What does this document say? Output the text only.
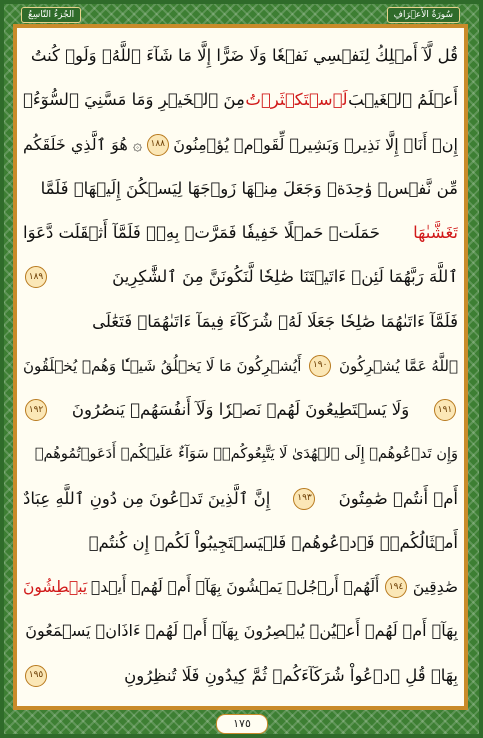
الجُزءُ التّاسِعُ	سُورَةُ الأَعۡرَافِ
قُل لَّآ أَمۡلِكُ لِنَفۡسِي نَفۡعٗا وَلَا ضَرًّا إِلَّا مَا شَآءَ ٱللَّهُۚ وَلَوۡ كُنتُ
أَعۡلَمُ ٱلۡغَيۡبَ
لَٱسۡتَكۡثَرۡتُ
مِنَ ٱلۡخَيۡرِ وَمَا مَسَّنِيَ ٱلسُّوٓءُۚ
إِنۡ أَنَا۠ إِلَّا نَذِيرٞ وَبَشِيرٞ لِّقَوۡمٖ يُؤۡمِنُونَ
١٨٨
۞ هُوَ ٱلَّذِي خَلَقَكُم
مِّن نَّفۡسٖ وَٰحِدَةٖ وَجَعَلَ مِنۡهَا زَوۡجَهَا لِيَسۡكُنَ إِلَيۡهَاۖ فَلَمَّا
تَغَشَّىٰهَا
حَمَلَتۡ حَمۡلًا خَفِيفٗا فَمَرَّتۡ بِهِۦۖ فَلَمَّآ أَثۡقَلَت دَّعَوَا
ٱللَّهَ رَبَّهُمَا لَئِنۡ ءَاتَيۡتَنَا صَٰلِحٗا لَّنَكُونَنَّ مِنَ ٱلشَّٰكِرِينَ
١٨٩
فَلَمَّآ ءَاتَىٰهُمَا صَٰلِحٗا جَعَلَا لَهُۥ شُرَكَآءَ فِيمَآ ءَاتَىٰهُمَاۚ فَتَعَٰلَى
ٱللَّهُ عَمَّا يُشۡرِكُونَ
١٩٠
أَيُشۡرِكُونَ مَا لَا يَخۡلُقُ شَيۡـٔٗا وَهُمۡ يُخۡلَقُونَ
١٩١
وَلَا يَسۡتَطِيعُونَ لَهُمۡ نَصۡرٗا وَلَآ أَنفُسَهُمۡ يَنصُرُونَ
١٩٢
وَإِن تَدۡعُوهُمۡ إِلَى ٱلۡهُدَىٰ لَا يَتَّبِعُوكُمۡۚ سَوَآءٌ عَلَيۡكُمۡ أَدَعَوۡتُمُوهُمۡ
أَمۡ أَنتُمۡ صَٰمِتُونَ
١٩٣
إِنَّ ٱلَّذِينَ تَدۡعُونَ مِن دُونِ ٱللَّهِ عِبَادٌ
أَمۡثَالُكُمۡۖ فَٱدۡعُوهُمۡ فَلۡيَسۡتَجِيبُواْ لَكُمۡ إِن كُنتُمۡ
صَٰدِقِينَ
١٩٤
أَلَهُمۡ أَرۡجُلٞ يَمۡشُونَ بِهَآۖ أَمۡ لَهُمۡ أَيۡدٖ
يَبۡطِشُونَ
بِهَآۖ أَمۡ لَهُمۡ أَعۡيُنٞ يُبۡصِرُونَ بِهَآۖ أَمۡ لَهُمۡ ءَاذَانٞ يَسۡمَعُونَ
بِهَاۗ قُلِ ٱدۡعُواْ شُرَكَآءَكُمۡ ثُمَّ كِيدُونِ فَلَا تُنظِرُونِ
١٩٥
١٧٥
